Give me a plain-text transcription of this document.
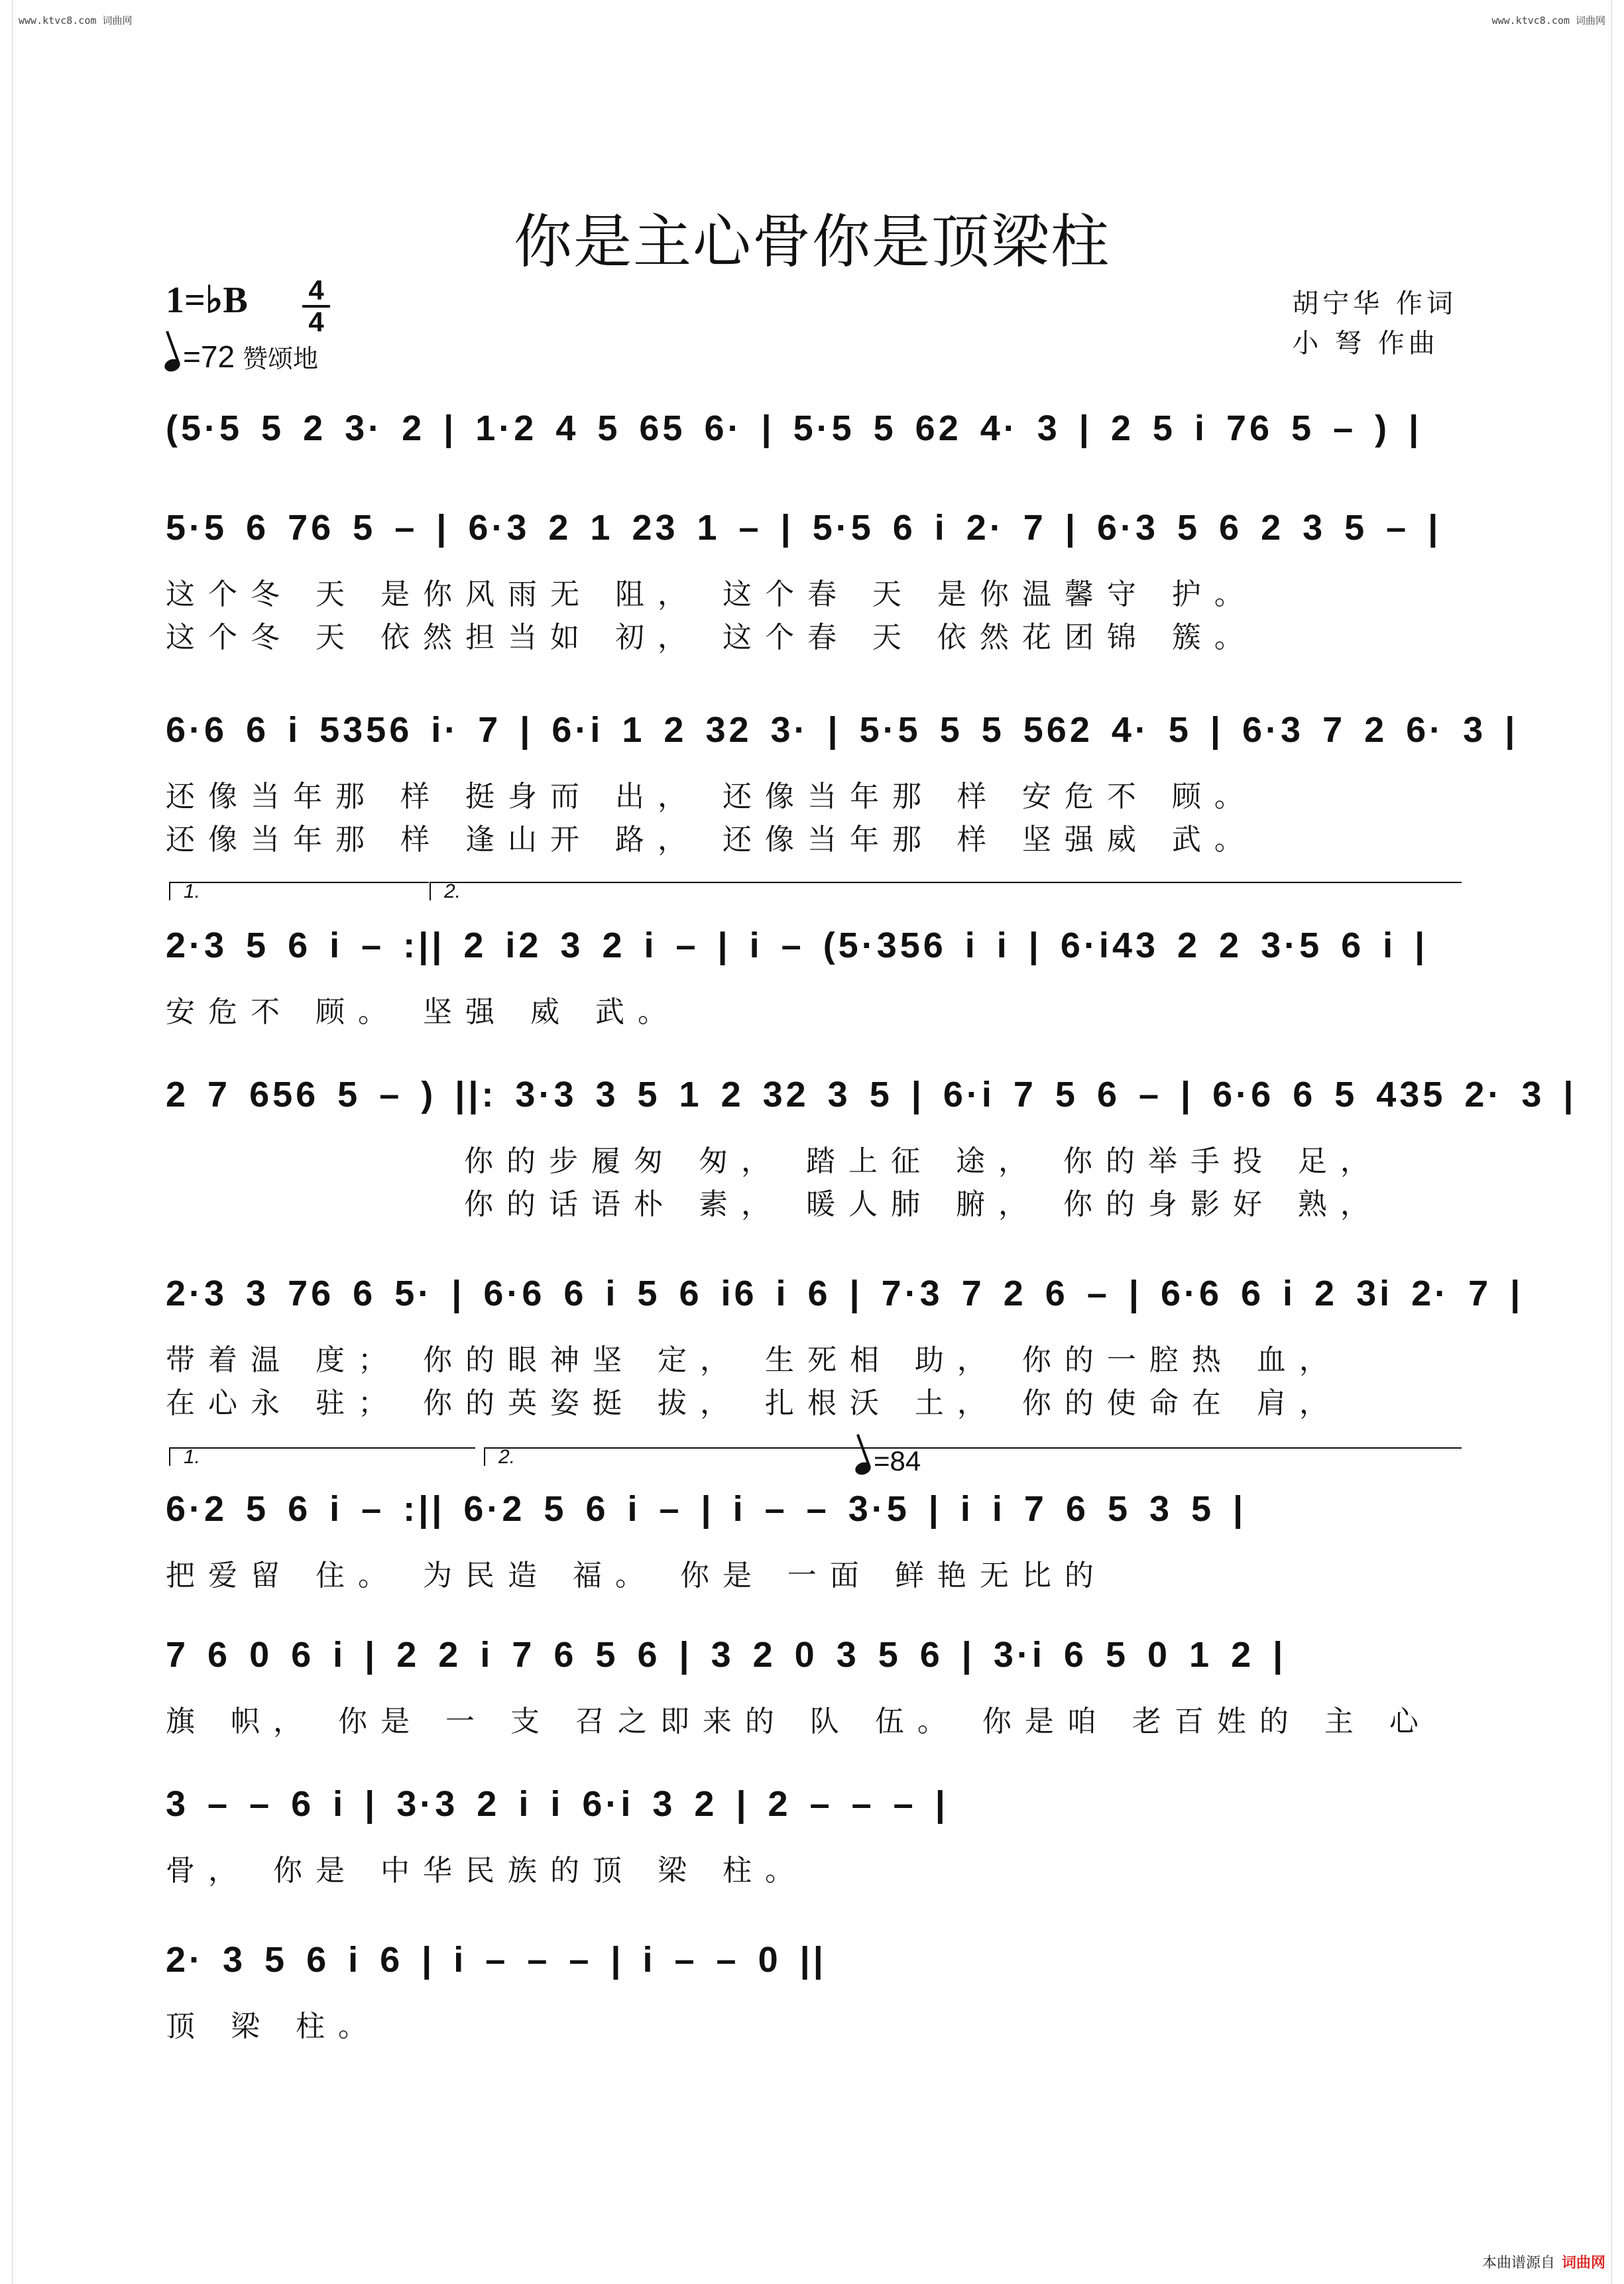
www.ktvc8.com 词曲网	www.ktvc8.com 词曲网
你是主心骨你是顶梁柱
1=♭B	4
4
=72 赞颂地
胡宁华 作词
小 弩 作曲
(5·5 5 2 3· 2 | 1·2 4 5 65 6· | 5·5 5 62 4· 3 | 2 5 i 76 5 – ) |
5·5 6 76 5 – | 6·3 2 1 23 1 – | 5·5 6 i 2· 7 | 6·3 5 6 2 3 5 – |
这个冬 天 是你风雨无 阻， 这个春 天 是你温馨守 护。
这个冬 天 依然担当如 初， 这个春 天 依然花团锦 簇。
6·6 6 i 5356 i· 7 | 6·i 1 2 32 3· | 5·5 5 5 562 4· 5 | 6·3 7 2 6· 3 |
还像当年那 样 挺身而 出， 还像当年那 样 安危不 顾。
还像当年那 样 逢山开 路， 还像当年那 样 坚强威 武。
1.	2.
2·3 5 6 i – :|| 2 i2 3 2 i – | i – (5·356 i i | 6·i43 2 2 3·5 6 i |
安危不 顾。 坚强 威 武。
2 7 656 5 – ) ||: 3·3 3 5 1 2 32 3 5 | 6·i 7 5 6 – | 6·6 6 5 435 2· 3 |
你的步履匆 匆， 踏上征 途， 你的举手投 足，
你的话语朴 素， 暖人肺 腑， 你的身影好 熟，
2·3 3 76 6 5· | 6·6 6 i 5 6 i6 i 6 | 7·3 7 2 6 – | 6·6 6 i 2 3i 2· 7 |
带着温 度； 你的眼神坚 定， 生死相 助， 你的一腔热 血，
在心永 驻； 你的英姿挺 拔， 扎根沃 土， 你的使命在 肩，
1.	2.	=84
6·2 5 6 i – :|| 6·2 5 6 i – | i – – 3·5 | i i 7 6 5 3 5 |
把爱留 住。 为民造 福。 你是 一面 鲜艳无比的
7 6 0 6 i | 2 2 i 7 6 5 6 | 3 2 0 3 5 6 | 3·i 6 5 0 1 2 |
旗 帜， 你是 一 支 召之即来的 队 伍。 你是咱 老百姓的 主 心
3 – – 6 i | 3·3 2 i i 6·i 3 2 | 2 – – – |
骨， 你是 中华民族的顶 梁 柱。
2· 3 5 6 i 6 | i – – – | i – – 0 ||
顶 梁 柱。
本曲谱源自 词曲网
